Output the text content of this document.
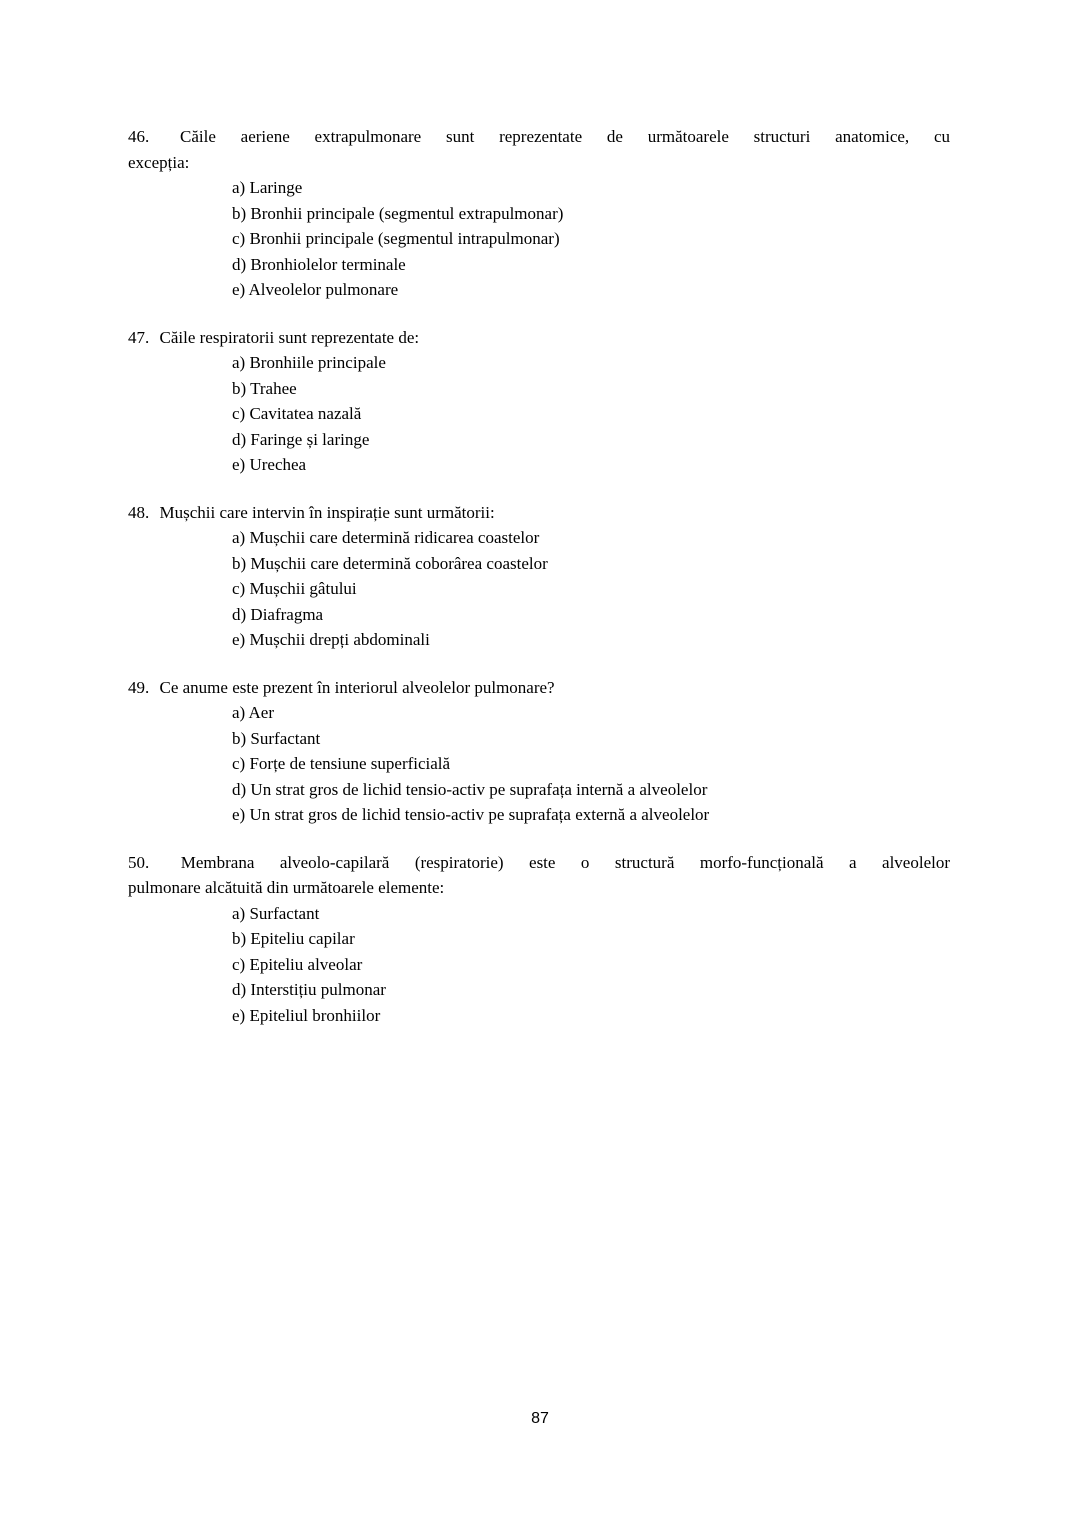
46. Căile aeriene extrapulmonare sunt reprezentate de următoarele structuri anatomice, cu
excepția:

a) Laringe
b) Bronhii principale (segmentul extrapulmonar)
c) Bronhii principale (segmentul intrapulmonar)
d) Bronhiolelor terminale
e) Alveolelor pulmonare

47. Căile respiratorii sunt reprezentate de:

a) Bronhiile principale
b) Trahee
c) Cavitatea nazală
d) Faringe și laringe
e) Urechea

48. Mușchii care intervin în inspirație sunt următorii:

a) Mușchii care determină ridicarea coastelor
b) Mușchii care determină coborârea coastelor
c) Mușchii gâtului
d) Diafragma
e) Mușchii drepți abdominali

49. Ce anume este prezent în interiorul alveolelor pulmonare?

a) Aer
b) Surfactant
c) Forțe de tensiune superficială
d) Un strat gros de lichid tensio-activ pe suprafața internă a alveolelor
e) Un strat gros de lichid tensio-activ pe suprafața externă a alveolelor

50. Membrana alveolo-capilară (respiratorie) este o structură morfo-funcțională a alveolelor
pulmonare alcătuită din următoarele elemente:

a) Surfactant
b) Epiteliu capilar
c) Epiteliu alveolar
d) Interstițiu pulmonar
e) Epiteliul bronhiilor
87
